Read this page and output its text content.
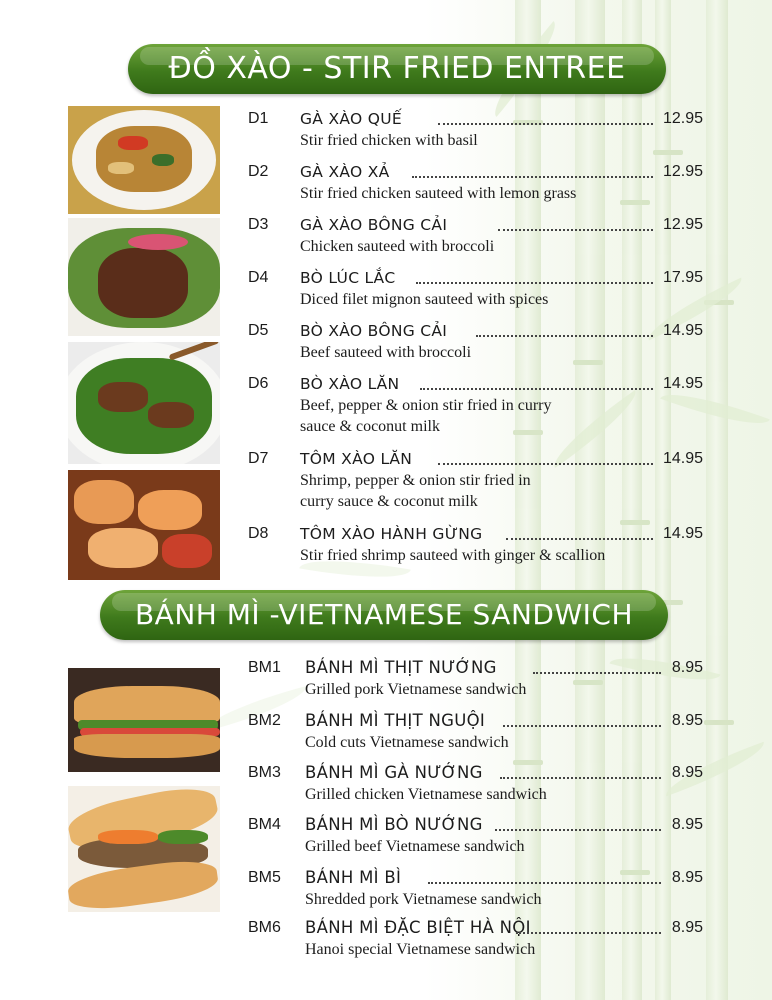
ĐỒ XÀO - STIR FRIED ENTREE
D1 GÀ XÀO QUẾ	12.95
Stir fried chicken with basil
D2 GÀ XÀO XẢ	12.95
Stir fried chicken sauteed with lemon grass
D3 GÀ XÀO BÔNG CẢI	12.95
Chicken sauteed with broccoli
D4 BÒ LÚC LẮC	17.95
Diced filet mignon sauteed with spices
D5 BÒ XÀO BÔNG CẢI	14.95
Beef sauteed with broccoli
D6 BÒ XÀO LĂN	14.95
Beef, pepper & onion stir fried in curry
sauce & coconut milk
D7 TÔM XÀO LĂN	14.95
Shrimp, pepper & onion stir fried in
curry sauce & coconut milk
D8 TÔM XÀO HÀNH GỪNG	14.95
Stir fried shrimp sauteed with ginger & scallion
BÁNH MÌ -VIETNAMESE SANDWICH
BM1 BÁNH MÌ THỊT NƯỚNG	8.95
Grilled pork Vietnamese sandwich
BM2 BÁNH MÌ THỊT NGUỘI	8.95
Cold cuts Vietnamese sandwich
BM3 BÁNH MÌ GÀ NƯỚNG	8.95
Grilled chicken Vietnamese sandwich
BM4 BÁNH MÌ BÒ NƯỚNG	8.95
Grilled beef Vietnamese sandwich
BM5 BÁNH MÌ BÌ	8.95
Shredded pork Vietnamese sandwich
BM6 BÁNH MÌ ĐẶC BIỆT HÀ NỘI	8.95
Hanoi special Vietnamese sandwich
